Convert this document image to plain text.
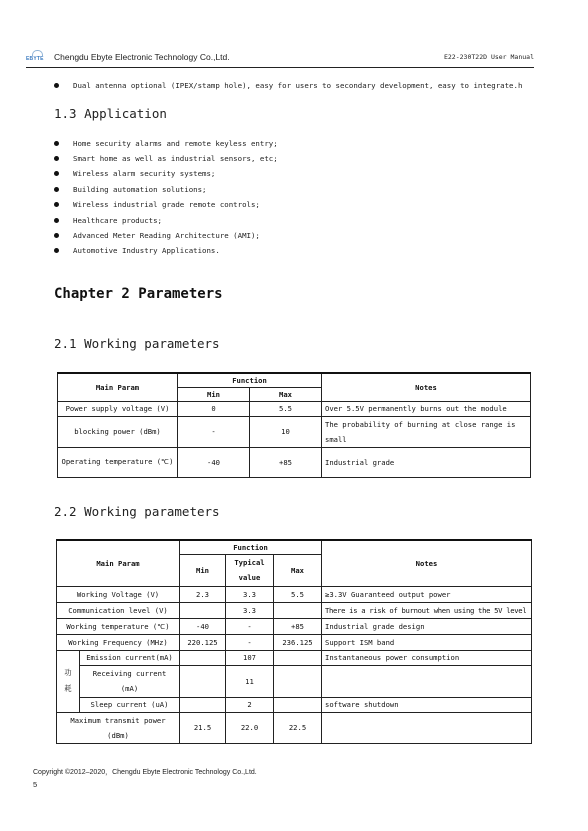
EBYTE Chengdu Ebyte Electronic Technology Co.,Ltd.	E22-230T22D User Manual
Dual antenna optional (IPEX/stamp hole), easy for users to secondary development, easy to integrate.h
1.3 Application
Home security alarms and remote keyless entry;
Smart home as well as industrial sensors, etc;
Wireless alarm security systems;
Building automation solutions;
Wireless industrial grade remote controls;
Healthcare products;
Advanced Meter Reading Architecture (AMI);
Automotive Industry Applications.
Chapter 2 Parameters
2.1 Working parameters
Main Param	Function		Notes
	Min	Max	
Power supply voltage (V)	0	5.5	Over 5.5V permanently burns out the module
blocking power (dBm)	-	10	The probability of burning at close range is small
Operating temperature (℃)	-40	+85	Industrial grade
2.2 Working parameters
Main Param		Function			Notes
		Min	Typical value	Max	
Working Voltage (V)		2.3	3.3	5.5	≥3.3V Guaranteed output power
Communication level (V)			3.3		There is a risk of burnout when using the 5V level
Working temperature (℃)		-40	-	+85	Industrial grade design
Working Frequency (MHz)		220.125	-	236.125	Support ISM band
功耗	Emission current(mA)		107		Instantaneous power consumption
	Receiving current (mA)		11		
	Sleep current (uA)		2		software shutdown
Maximum transmit power (dBm)		21.5	22.0	22.5	
Copyright ©2012–2020，Chengdu Ebyte Electronic Technology Co.,Ltd.
5
